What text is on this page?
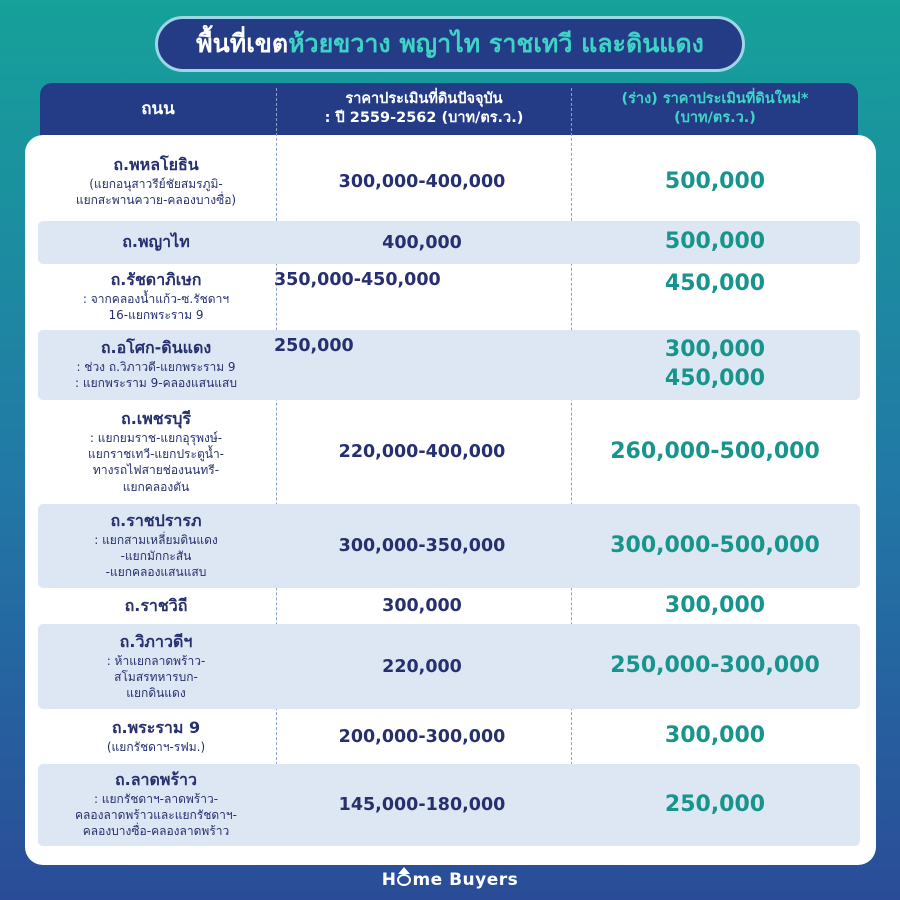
พื้นที่เขต ห้วยขวาง พญาไท ราชเทวี และดินแดง
ถนน	ราคาประเมินที่ดินปัจจุบัน
: ปี 2559-2562 (บาท/ตร.ว.)
(ร่าง) ราคาประเมินที่ดินใหม่*
(บาท/ตร.ว.)
ถ.พหลโยธิน
(แยกอนุสาวรีย์ชัยสมรภูมิ-
แยกสะพานควาย-คลองบางซื่อ)
300,000-400,000	500,000
ถ.พญาไท	400,000	500,000
ถ.รัชดาภิเษก
: จากคลองน้ำแก้ว-ซ.รัชดาฯ
16-แยกพระราม 9
350,000-450,000	450,000
ถ.อโศก-ดินแดง
: ช่วง ถ.วิภาวดี-แยกพระราม 9
: แยกพระราม 9-คลองแสนแสบ
250,000	300,000
450,000
ถ.เพชรบุรี
: แยกยมราช-แยกอุรุพงษ์-
แยกราชเทวี-แยกประตูน้ำ-
ทางรถไฟสายช่องนนทรี-
แยกคลองตัน
220,000-400,000	260,000-500,000
ถ.ราชปรารภ
: แยกสามเหลี่ยมดินแดง
-แยกมักกะสัน
-แยกคลองแสนแสบ
300,000-350,000	300,000-500,000
ถ.ราชวิถี	300,000	300,000
ถ.วิภาวดีฯ
: ห้าแยกลาดพร้าว-
สโมสรทหารบก-
แยกดินแดง
220,000	250,000-300,000
ถ.พระราม 9
(แยกรัชดาฯ-รฟม.)
200,000-300,000	300,000
ถ.ลาดพร้าว
: แยกรัชดาฯ-ลาดพร้าว-
คลองลาดพร้าวและแยกรัชดาฯ-
คลองบางซื่อ-คลองลาดพร้าว
145,000-180,000	250,000
H me Buyers
